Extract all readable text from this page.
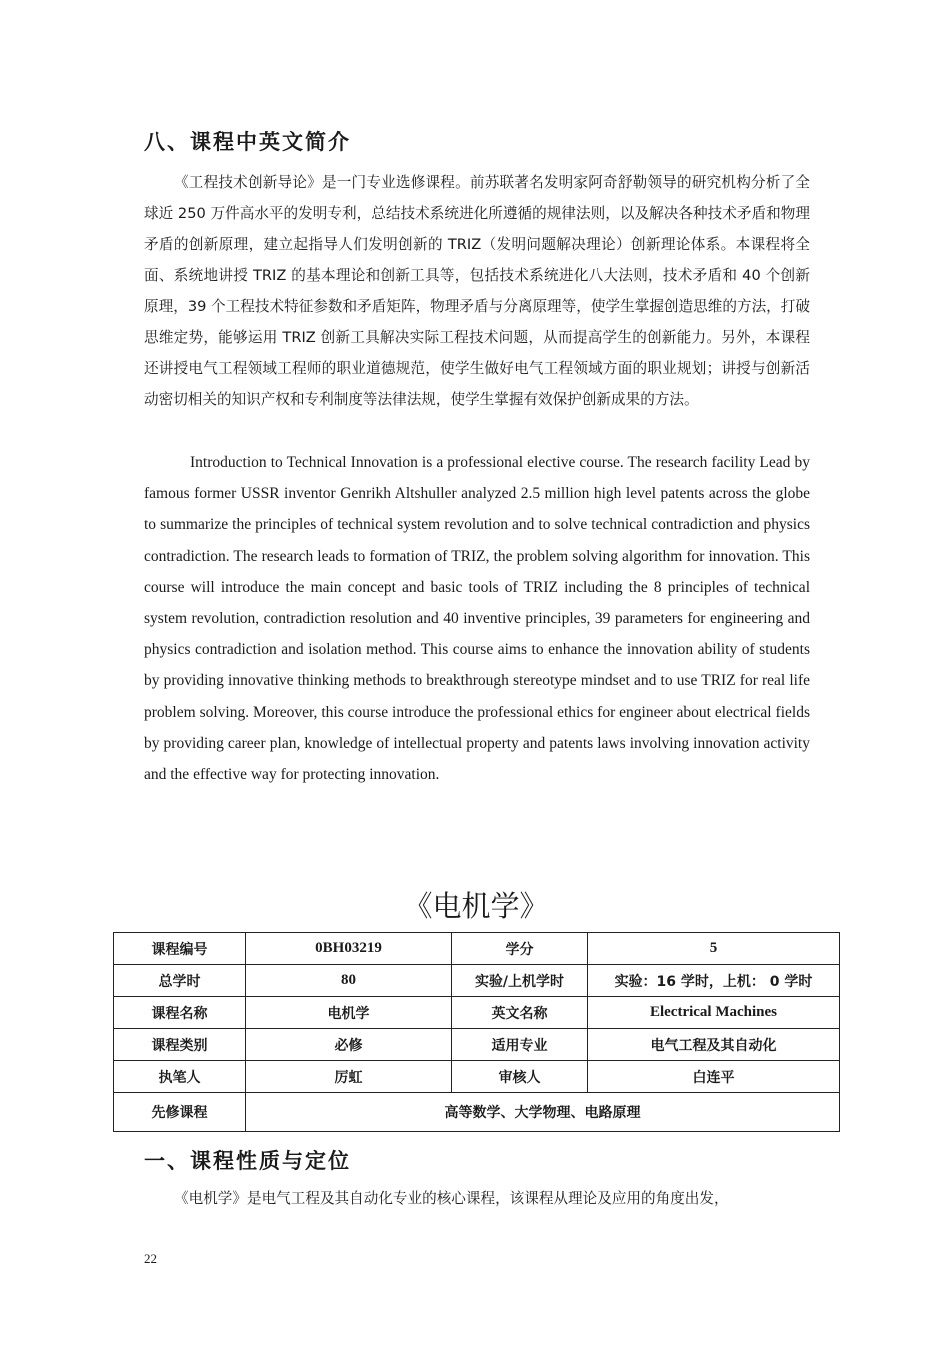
八、课程中英文简介

《工程技术创新导论》是一门专业选修课程。前苏联著名发明家阿奇舒勒领导的研究机构分析了全球近 250 万件高水平的发明专利，总结技术系统进化所遵循的规律法则，以及解决各种技术矛盾和物理矛盾的创新原理，建立起指导人们发明创新的 TRIZ（发明问题解决理论）创新理论体系。本课程将全面、系统地讲授 TRIZ 的基本理论和创新工具等，包括技术系统进化八大法则，技术矛盾和 40 个创新原理，39 个工程技术特征参数和矛盾矩阵，物理矛盾与分离原理等，使学生掌握创造思维的方法，打破思维定势，能够运用 TRIZ 创新工具解决实际工程技术问题，从而提高学生的创新能力。另外，本课程还讲授电气工程领域工程师的职业道德规范，使学生做好电气工程领域方面的职业规划；讲授与创新活动密切相关的知识产权和专利制度等法律法规，使学生掌握有效保护创新成果的方法。

Introduction to Technical Innovation is a professional elective course. The research facility Lead by famous former USSR inventor Genrikh Altshuller analyzed 2.5 million high level patents across the globe to summarize the principles of technical system revolution and to solve technical contradiction and physics contradiction. The research leads to formation of TRIZ, the problem solving algorithm for innovation. This course will introduce the main concept and basic tools of TRIZ including the 8 principles of technical system revolution, contradiction resolution and 40 inventive principles, 39 parameters for engineering and physics contradiction and isolation method. This course aims to enhance the innovation ability of students by providing innovative thinking methods to breakthrough stereotype mindset and to use TRIZ for real life problem solving. Moreover, this course introduce the professional ethics for engineer about electrical fields by providing career plan, knowledge of intellectual property and patents laws involving innovation activity and the effective way for protecting innovation.

《电机学》
课程编号	0BH03219	学分	5
总学时	80	实验/上机学时	实验：16 学时，上机： 0 学时
课程名称	电机学	英文名称	Electrical Machines
课程类别	必修	适用专业	电气工程及其自动化
执笔人	厉虹	审核人	白连平
先修课程	高等数学、大学物理、电路原理		
一、课程性质与定位

《电机学》是电气工程及其自动化专业的核心课程，该课程从理论及应用的角度出发，

22
